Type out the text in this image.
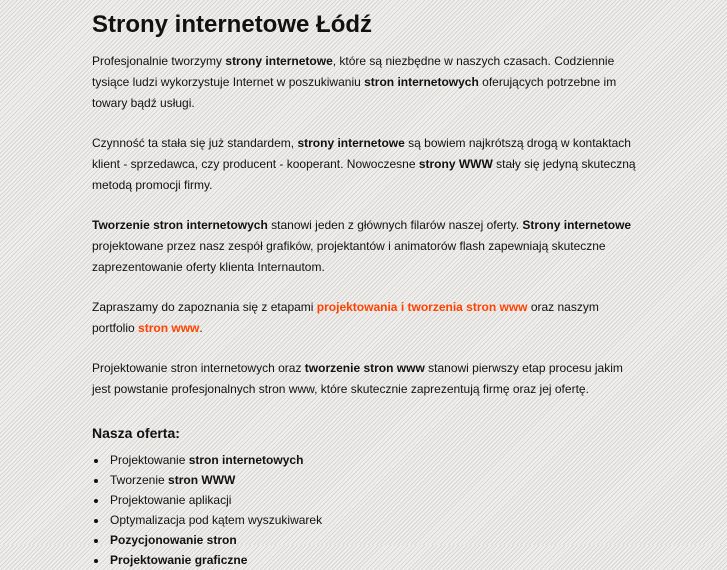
Strony internetowe Łódź

Profesjonalnie tworzymy strony internetowe, które są niezbędne w naszych czasach. Codziennie tysiące ludzi wykorzystuje Internet w poszukiwaniu stron internetowych oferujących potrzebne im towary bądź usługi.

Czynność ta stała się już standardem, strony internetowe są bowiem najkrótszą drogą w kontaktach klient - sprzedawca, czy producent - kooperant. Nowoczesne strony WWW stały się jedyną skuteczną metodą promocji firmy.

Tworzenie stron internetowych stanowi jeden z głównych filarów naszej oferty. Strony internetowe projektowane przez nasz zespół grafików, projektantów i animatorów flash zapewniają skuteczne zaprezentowanie oferty klienta Internautom.

Zapraszamy do zapoznania się z etapami projektowania i tworzenia stron www oraz naszym portfolio stron www.

Projektowanie stron internetowych oraz tworzenie stron www stanowi pierwszy etap procesu jakim jest powstanie profesjonalnych stron www, które skutecznie zaprezentują firmę oraz jej ofertę.

Nasza oferta:
• Projektowanie stron internetowych
• Tworzenie stron WWW
• Projektowanie aplikacji
• Optymalizacja pod kątem wyszukiwarek
• Pozycjonowanie stron
• Projektowanie graficzne
